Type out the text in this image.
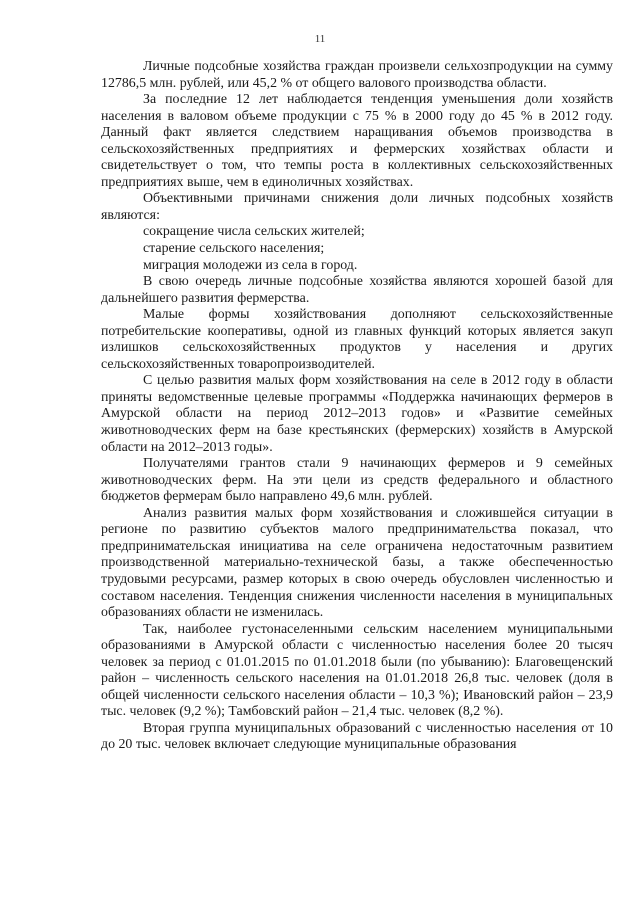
11

Личные подсобные хозяйства граждан произвели сельхозпродукции на сумму 12786,5 млн. рублей, или 45,2 % от общего валового производства области.

За последние 12 лет наблюдается тенденция уменьшения доли хозяйств населения в валовом объеме продукции с 75 % в 2000 году до 45 % в 2012 году. Данный факт является следствием наращивания объемов производства в сельскохозяйственных предприятиях и фермерских хозяйствах области и свидетельствует о том, что темпы роста в коллективных сельскохозяйственных предприятиях выше, чем в единоличных хозяйствах.

Объективными причинами снижения доли личных подсобных хозяйств являются:

сокращение числа сельских жителей;

старение сельского населения;

миграция молодежи из села в город.

В свою очередь личные подсобные хозяйства являются хорошей базой для дальнейшего развития фермерства.

Малые формы хозяйствования дополняют сельскохозяйственные потребительские кооперативы, одной из главных функций которых является закуп излишков сельскохозяйственных продуктов у населения и других сельскохозяйственных товаропроизводителей.

С целью развития малых форм хозяйствования на селе в 2012 году в области приняты ведомственные целевые программы «Поддержка начинающих фермеров в Амурской области на период 2012–2013 годов» и «Развитие семейных животноводческих ферм на базе крестьянских (фермерских) хозяйств в Амурской области на 2012–2013 годы».

Получателями грантов стали 9 начинающих фермеров и 9 семейных животноводческих ферм. На эти цели из средств федерального и областного бюджетов фермерам было направлено 49,6 млн. рублей.

Анализ развития малых форм хозяйствования и сложившейся ситуации в регионе по развитию субъектов малого предпринимательства показал, что предпринимательская инициатива на селе ограничена недостаточным развитием производственной материально-технической базы, а также обеспеченностью трудовыми ресурсами, размер которых в свою очередь обусловлен численностью и составом населения. Тенденция снижения численности населения в муниципальных образованиях области не изменилась.

Так, наиболее густонаселенными сельским населением муниципальными образованиями в Амурской области с численностью населения более 20 тысяч человек за период с 01.01.2015 по 01.01.2018 были (по убыванию): Благовещенский район – численность сельского населения на 01.01.2018 26,8 тыс. человек (доля в общей численности сельского населения области – 10,3 %); Ивановский район – 23,9 тыс. человек (9,2 %); Тамбовский район – 21,4 тыс. человек (8,2 %).

Вторая группа муниципальных образований с численностью населения от 10 до 20 тыс. человек включает следующие муниципальные образования
